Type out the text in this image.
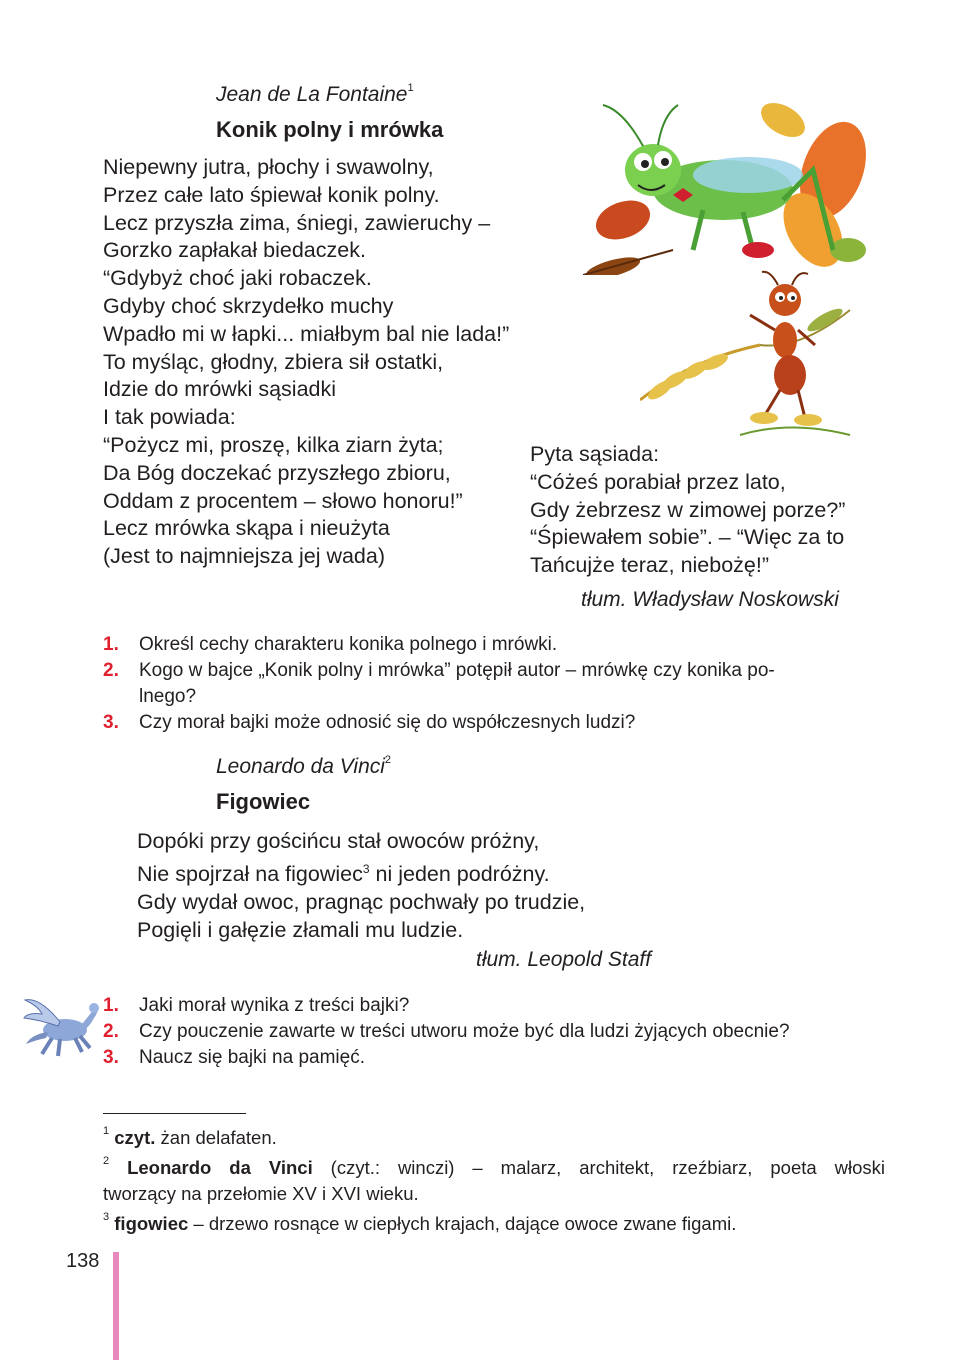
Jean de La Fontaine$^1$
Konik polny i mrówka
Niepewny jutra, płochy i swawolny,
Przez całe lato śpiewał konik polny.
Lecz przyszła zima, śniegi, zawieruchy –
Gorzko zapłakał biedaczek.
“Gdybyż choć jaki robaczek.
Gdyby choć skrzydełko muchy
Wpadło mi w łapki... miałbym bal nie lada!”
To myśląc, głodny, zbiera sił ostatki,
Idzie do mrówki sąsiadki
I tak powiada:
“Pożycz mi, proszę, kilka ziarn żyta;
Da Bóg doczekać przyszłego zbioru,
Oddam z procentem – słowo honoru!”
Lecz mrówka skąpa i nieużyta
(Jest to najmniejsza jej wada)
Pyta sąsiada:
“Cóżeś porabiał przez lato,
Gdy żebrzesz w zimowej porze?”
“Śpiewałem sobie”. – “Więc za to
Tańcujże teraz, niebożę!”
tłum. Władysław Noskowski
1.	Określ cechy charakteru konika polnego i mrówki.
2.	Kogo w bajce „Konik polny i mrówka” potępił autor – mrówkę czy konika po-
lnego?
3.	Czy morał bajki może odnosić się do współczesnych ludzi?
Leonardo da Vinci$^2$
Figowiec
Dopóki przy gościńcu stał owoców próżny,
Nie spojrzał na figowiec$^3$ ni jeden podróżny.
Gdy wydał owoc, pragnąc pochwały po trudzie,
Pogięli i gałęzie złamali mu ludzie.
tłum. Leopold Staff
1.	Jaki morał wynika z treści bajki?
2.	Czy pouczenie zawarte w treści utworu może być dla ludzi żyjących obecnie?
3.	Naucz się bajki na pamięć.
$^1$ czyt. żan delafaten.
$^2$ Leonardo da Vinci (czyt.: winczi) – malarz, architekt, rzeźbiarz, poeta włoski
tworzący na przełomie XV i XVI wieku.
$^3$ figowiec – drzewo rosnące w ciepłych krajach, dające owoce zwane figami.
138
